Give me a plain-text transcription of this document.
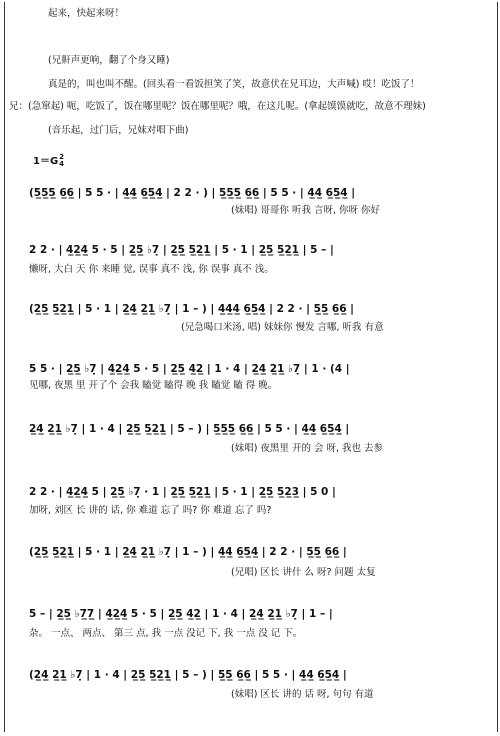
起来，快起来呀！
(兄鼾声更响，翻了个身又睡)
真是的，叫也叫不醒。(回头看一看饭担笑了笑，故意伏在兄耳边，大声喊) 哎！吃饭了！
兄：(急窜起) 呃，吃饭了，饭在哪里呢？饭在哪里呢？哦，在这儿呢。(拿起馍馍就吃，故意不理妹)
(音乐起，过门后，兄妹对唱下曲)
1＝G2
4
(5̲5̲5̲ 6̲6̲ | 5 5 · | 4̲4̲ 6̲5̲4̲ | 2 2 · ) | 5̲5̲5̲ 6̲6̲ | 5 5 · | 4̲4̲ 6̲5̲4̲ |
(妹唱) 哥哥你 听我 言呀, 你呀 你好
2 2 · | 4̲2̲4̲ 5 · 5 | 2̲5̲ ♭7̣ | 2̲5̲ 5̲2̲1̲ | 5 · 1 | 2̲5̲ 5̲2̲1̲ | 5 – |
懒呀, 大白 天 你 来睡 觉, 误事 真不 浅, 你 误事 真不 浅。
(2̲5̲ 5̲2̲1̲ | 5 · 1 | 2̲4̲ 2̲1̲ ♭7̣ | 1 – ) | 4̲4̲4̲ 6̲5̲4̲ | 2 2 · | 5̲5̲ 6̲6̲ |
(兄急喝口米汤, 唱) 妹妹你 慢发 言哪, 听我 有意
5 5 · | 2̲5̲ ♭7̣ | 4̲2̲4̲ 5 · 5 | 2̲5̲ 4̲2̲ | 1 · 4 | 2̲4̲ 2̲1̲ ♭7̣ | 1 · (4 |
见哪, 夜黑 里 开了个 会我 瞌觉 瞌得 晚 我 瞌觉 瞌 得 晚。
2̲4̲ 2̲1̲ ♭7̣ | 1 · 4 | 2̲5̲ 5̲2̲1̲ | 5 – ) | 5̲5̲5̲ 6̲6̲ | 5 5 · | 4̲4̲ 6̲5̲4̲ |
(妹唱) 夜黑里 开的 会 呀, 我也 去参
2 2 · | 4̲2̲4̲ 5 | 2̲5̲ ♭7̣ · 1 | 2̲5̲ 5̲2̲1̲ | 5 · 1 | 2̲5̲ 5̲2̲3̲ | 5 0 |
加呀, 刘区 长 讲的 话, 你 难道 忘了 吗? 你 难道 忘了 吗?
(2̲5̲ 5̲2̲1̲ | 5 · 1 | 2̲4̲ 2̲1̲ ♭7̣ | 1 – ) | 4̲4̲ 6̲5̲4̲ | 2 2 · | 5̲5̲ 6̲6̲ |
(兄唱) 区长 讲什 么 呀? 问题 太复
5 – | 2̲5̲ ♭7̲7̲ | 4̲2̲4̲ 5 · 5 | 2̲5̲ 4̲2̲ | 1 · 4 | 2̲4̲ 2̲1̲ ♭7̣ | 1 – |
杂。 一点、 两点、 第三 点, 我 一点 没记 下, 我 一点 没 记 下。
(2̲4̲ 2̲1̲ ♭7̣ | 1 · 4 | 2̲5̲ 5̲2̲1̲ | 5 – ) | 5̲5̲ 6̲6̲ | 5 5 · | 4̲4̲ 6̲5̲4̲ |
(妹唱) 区长 讲的 话 呀, 句句 有道
